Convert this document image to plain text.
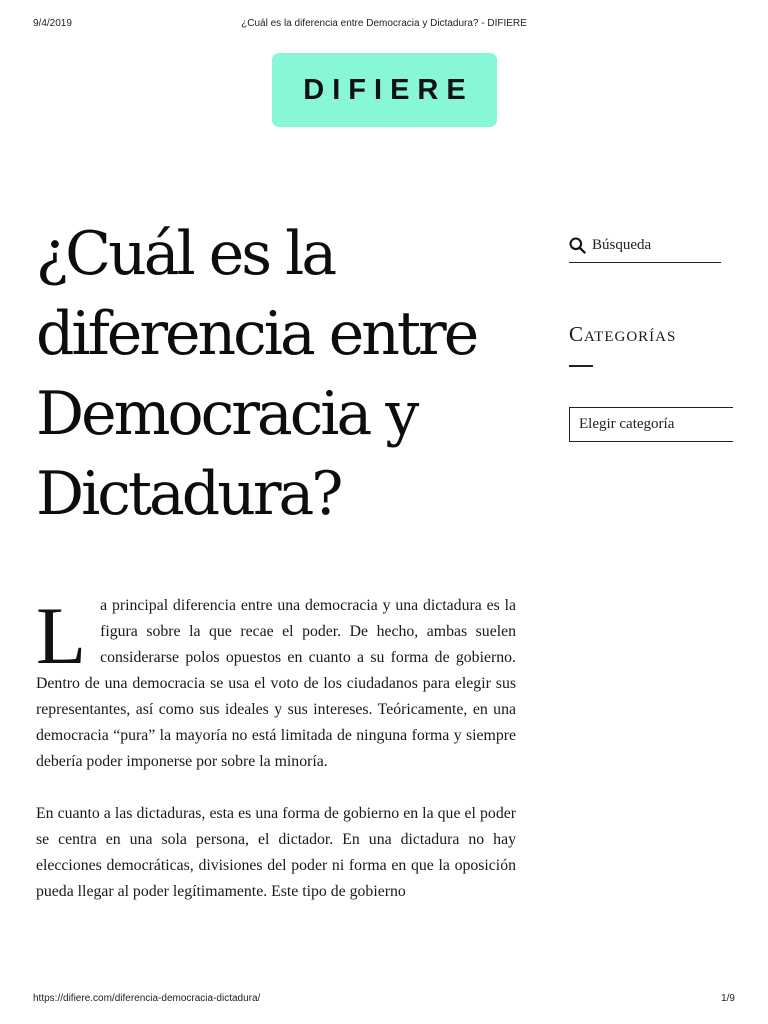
9/4/2019	¿Cuál es la diferencia entre Democracia y Dictadura? - DIFIERE
DIFIERE
¿Cuál es la diferencia entre Democracia y Dictadura?

La principal diferencia entre una democracia y una dictadura es la figura sobre la que recae el poder. De hecho, ambas suelen considerarse polos opuestos en cuanto a su forma de gobierno. Dentro de una democracia se usa el voto de los ciudadanos para elegir sus representantes, así como sus ideales y sus intereses. Teóricamente, en una democracia “pura” la mayoría no está limitada de ninguna forma y siempre debería poder imponerse por sobre la minoría.

En cuanto a las dictaduras, esta es una forma de gobierno en la que el poder se centra en una sola persona, el dictador. En una dictadura no hay elecciones democráticas, divisiones del poder ni forma en que la oposición pueda llegar al poder legítimamente. Este tipo de gobierno

Búsqueda
Categorías
Elegir categoría
https://difiere.com/diferencia-democracia-dictadura/	1/9
